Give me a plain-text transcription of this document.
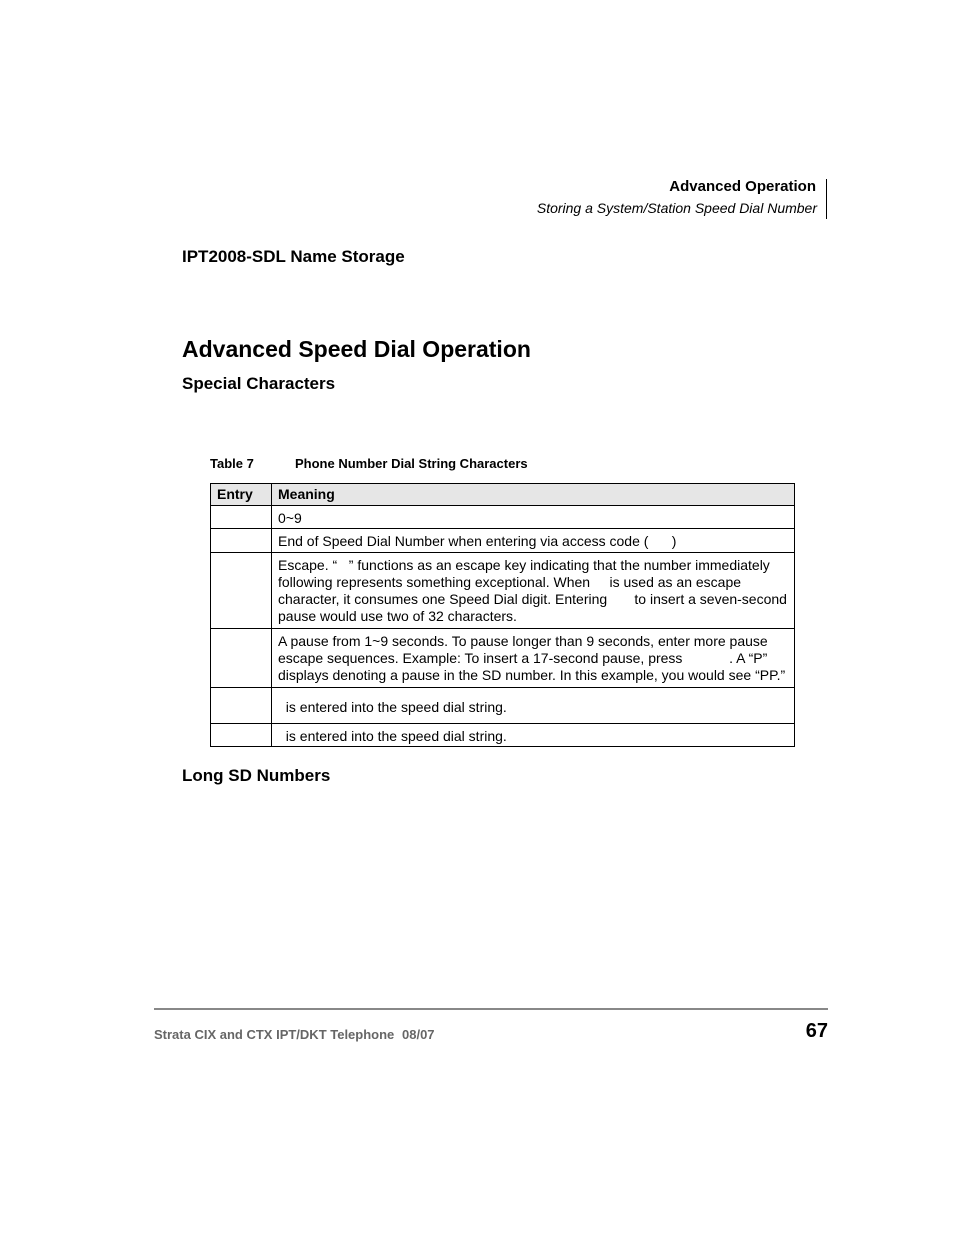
Advanced Operation
Storing a System/Station Speed Dial Number
IPT2008-SDL Name Storage
Advanced Speed Dial Operation
Special Characters
Table 7	Phone Number Dial String Characters
Entry	Meaning
	0~9
	End of Speed Dial Number when entering via access code (      )
	Escape. “   ” functions as an escape key indicating that the number immediately following represents something exceptional. When     is used as an escape character, it consumes one Speed Dial digit. Entering       to insert a seven-second pause would use two of 32 characters.
	A pause from 1~9 seconds. To pause longer than 9 seconds, enter more pause escape sequences. Example: To insert a 17-second pause, press            . A “P” displays denoting a pause in the SD number. In this example, you would see “PP.”
	is entered into the speed dial string.
	is entered into the speed dial string.
Long SD Numbers
Strata CIX and CTX IPT/DKT Telephone 08/07	67
